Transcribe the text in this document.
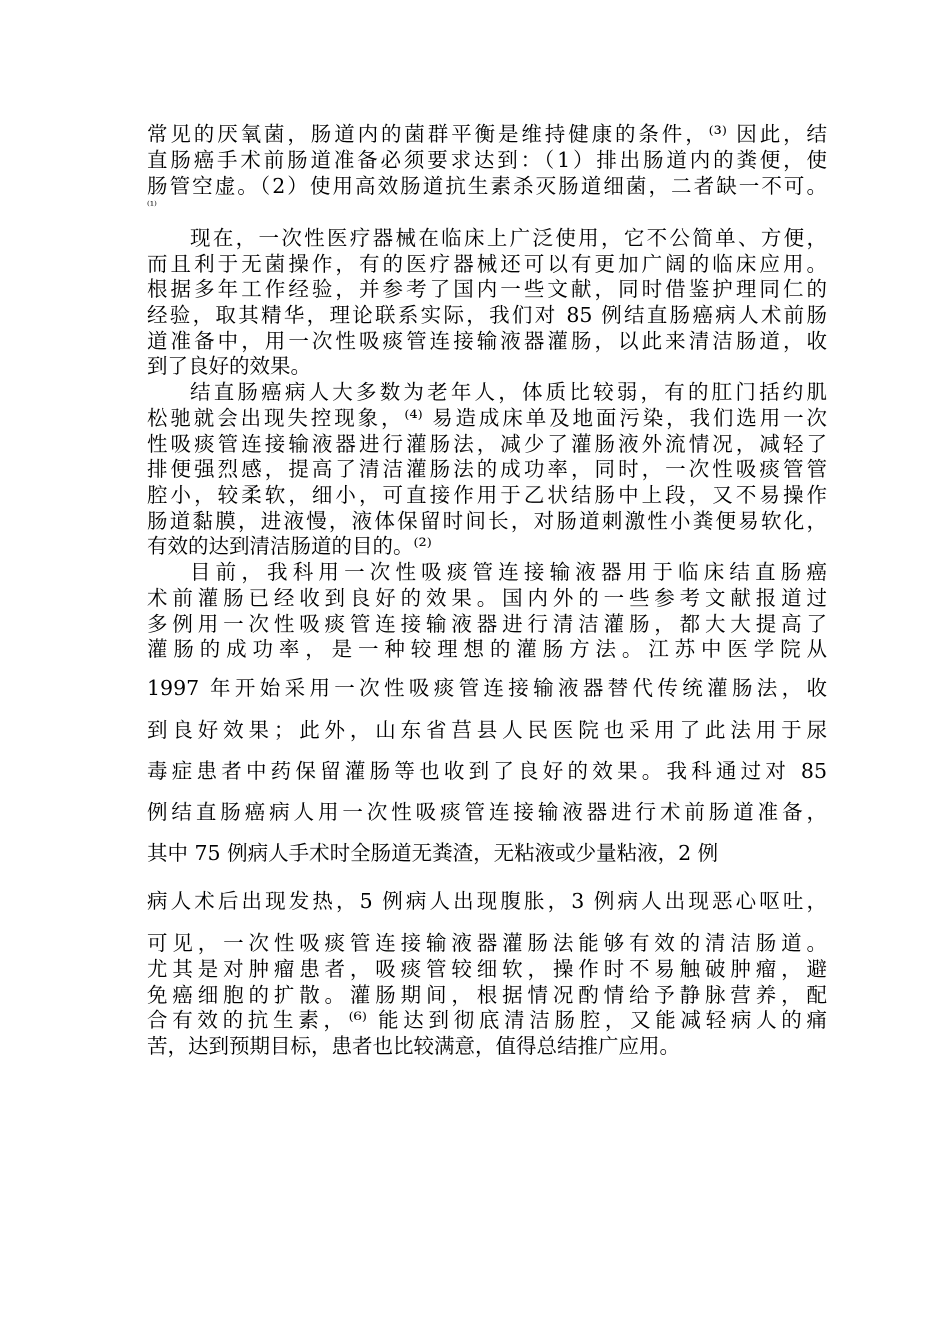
常见的厌氧菌，肠道内的菌群平衡是维持健康的条件，⁽³⁾ 因此，结
直肠癌手术前肠道准备必须要求达到：（1）排出肠道内的粪便，使
肠管空虚。（2）使用高效肠道抗生素杀灭肠道细菌，二者缺一不可。
⁽¹⁾
现在，一次性医疗器械在临床上广泛使用，它不公简单、方便，
而且利于无菌操作，有的医疗器械还可以有更加广阔的临床应用。
根据多年工作经验，并参考了国内一些文献，同时借鉴护理同仁的
经验，取其精华，理论联系实际，我们对 85 例结直肠癌病人术前肠
道准备中，用一次性吸痰管连接输液器灌肠，以此来清洁肠道，收
到了良好的效果。
结直肠癌病人大多数为老年人，体质比较弱，有的肛门括约肌
松驰就会出现失控现象，⁽⁴⁾ 易造成床单及地面污染，我们选用一次
性吸痰管连接输液器进行灌肠法，减少了灌肠液外流情况，减轻了
排便强烈感，提高了清洁灌肠法的成功率，同时，一次性吸痰管管
腔小，较柔软，细小，可直接作用于乙状结肠中上段，又不易操作
肠道黏膜，进液慢，液体保留时间长，对肠道刺激性小粪便易软化，
有效的达到清洁肠道的目的。⁽²⁾
目前，我科用一次性吸痰管连接输液器用于临床结直肠癌
术前灌肠已经收到良好的效果。国内外的一些参考文献报道过
多例用一次性吸痰管连接输液器进行清洁灌肠，都大大提高了
灌肠的成功率，是一种较理想的灌肠方法。江苏中医学院从
1997 年开始采用一次性吸痰管连接输液器替代传统灌肠法，收
到良好效果；此外，山东省莒县人民医院也采用了此法用于尿
毒症患者中药保留灌肠等也收到了良好的效果。我科通过对 85
例结直肠癌病人用一次性吸痰管连接输液器进行术前肠道准备，
其中 75 例病人手术时全肠道无粪渣，无粘液或少量粘液，2 例
病人术后出现发热，5 例病人出现腹胀，3 例病人出现恶心呕吐，
可见，一次性吸痰管连接输液器灌肠法能够有效的清洁肠道。
尤其是对肿瘤患者，吸痰管较细软，操作时不易触破肿瘤，避
免癌细胞的扩散。灌肠期间，根据情况酌情给予静脉营养，配
合有效的抗生素，⁽⁶⁾ 能达到彻底清洁肠腔，又能减轻病人的痛
苦，达到预期目标，患者也比较满意，值得总结推广应用。
